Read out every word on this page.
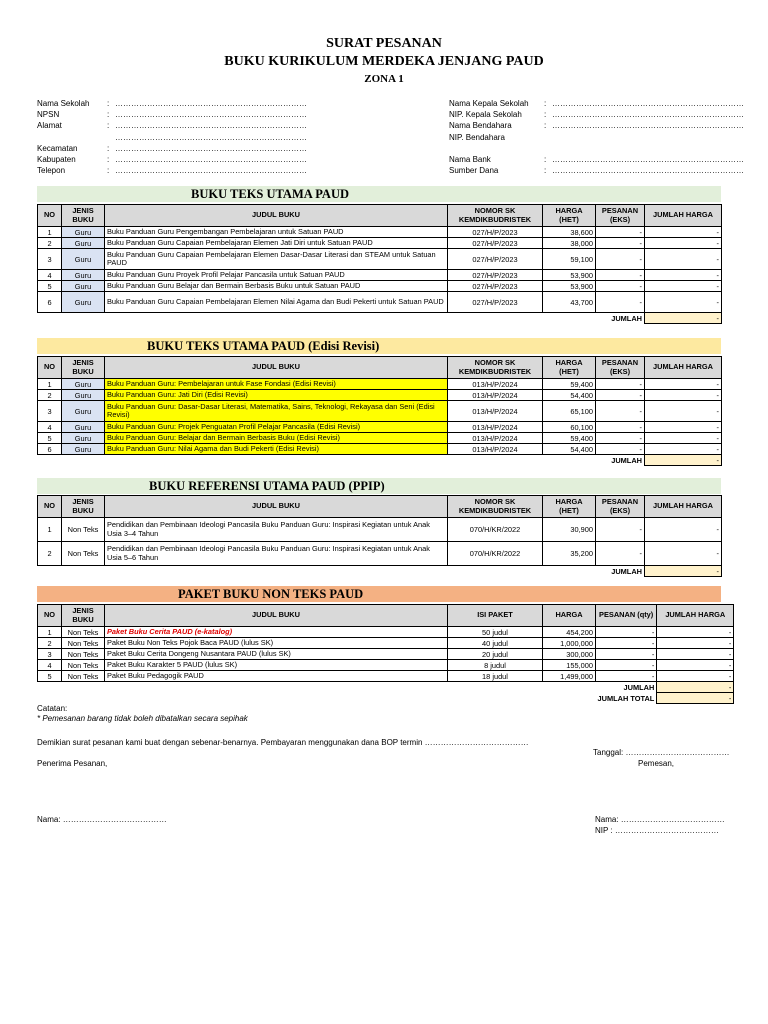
SURAT PESANAN
BUKU KURIKULUM MERDEKA JENJANG PAUD
ZONA 1
Nama Sekolah	: ………………………………………………………………
NPSN	: ………………………………………………………………
Alamat	: ………………………………………………………………
………………………………………………………………
Kecamatan	: ………………………………………………………………
Kabupaten	: ………………………………………………………………
Telepon	: ………………………………………………………………
Nama Kepala Sekolah	: ………………………………………………………………
NIP. Kepala Sekolah	: ………………………………………………………………
Nama Bendahara	: ………………………………………………………………
NIP. Bendahara
Nama Bank	: ………………………………………………………………
Sumber Dana	: ………………………………………………………………
BUKU TEKS UTAMA PAUD
NO	JENIS BUKU	JUDUL BUKU	NOMOR SK KEMDIKBUDRISTEK	HARGA (HET)	PESANAN (EKS)	JUMLAH HARGA
1	Guru	Buku Panduan Guru Pengembangan Pembelajaran untuk Satuan PAUD	027/H/P/2023	38,600	-	-
2	Guru	Buku Panduan Guru Capaian Pembelajaran Elemen Jati Diri untuk Satuan PAUD	027/H/P/2023	38,000	-	-
3	Guru	Buku Panduan Guru Capaian Pembelajaran Elemen Dasar-Dasar Literasi dan STEAM untuk Satuan PAUD	027/H/P/2023	59,100	-	-
4	Guru	Buku Panduan Guru Proyek Profil Pelajar Pancasila untuk Satuan PAUD	027/H/P/2023	53,900	-	-
5	Guru	Buku Panduan Guru Belajar dan Bermain Berbasis Buku untuk Satuan PAUD	027/H/P/2023	53,900	-	-
6	Guru	Buku Panduan Guru Capaian Pembelajaran Elemen Nilai Agama dan Budi Pekerti untuk Satuan PAUD	027/H/P/2023	43,700	-	-
					JUMLAH	-
BUKU TEKS UTAMA PAUD (Edisi Revisi)
NO	JENIS BUKU	JUDUL BUKU	NOMOR SK KEMDIKBUDRISTEK	HARGA (HET)	PESANAN (EKS)	JUMLAH HARGA
1	Guru	Buku Panduan Guru: Pembelajaran untuk Fase Fondasi (Edisi Revisi)	013/H/P/2024	59,400	-	-
2	Guru	Buku Panduan Guru: Jati Diri (Edisi Revisi)	013/H/P/2024	54,400	-	-
3	Guru	Buku Panduan Guru: Dasar-Dasar Literasi, Matematika, Sains, Teknologi, Rekayasa dan Seni (Edisi Revisi)	013/H/P/2024	65,100	-	-
4	Guru	Buku Panduan Guru: Projek Penguatan Profil Pelajar Pancasila (Edisi Revisi)	013/H/P/2024	60,100	-	-
5	Guru	Buku Panduan Guru: Belajar dan Bermain Berbasis Buku (Edisi Revisi)	013/H/P/2024	59,400	-	-
6	Guru	Buku Panduan Guru: Nilai Agama dan Budi Pekerti (Edisi Revisi)	013/H/P/2024	54,400	-	-
					JUMLAH	-
BUKU REFERENSI UTAMA PAUD (PPIP)
NO	JENIS BUKU	JUDUL BUKU	NOMOR SK KEMDIKBUDRISTEK	HARGA (HET)	PESANAN (EKS)	JUMLAH HARGA
1	Non Teks	Pendidikan dan Pembinaan Ideologi Pancasila Buku Panduan Guru: Inspirasi Kegiatan untuk Anak Usia 3–4 Tahun	070/H/KR/2022	30,900	-	-
2	Non Teks	Pendidikan dan Pembinaan Ideologi Pancasila Buku Panduan Guru: Inspirasi Kegiatan untuk Anak Usia 5–6 Tahun	070/H/KR/2022	35,200	-	-
					JUMLAH	-
PAKET BUKU NON TEKS PAUD
NO	JENIS BUKU	JUDUL BUKU	ISI PAKET	HARGA	PESANAN (qty)	JUMLAH HARGA
1	Non Teks	Paket Buku Cerita PAUD (e-katalog)	50 judul	454,200	-	-
2	Non Teks	Paket Buku Non Teks Pojok Baca PAUD (lulus SK)	40 judul	1,000,000	-	-
3	Non Teks	Paket Buku Cerita Dongeng Nusantara PAUD (lulus SK)	20 judul	300,000	-	-
4	Non Teks	Paket Buku Karakter 5 PAUD (lulus SK)	8 judul	155,000	-	-
5	Non Teks	Paket Buku Pedagogik PAUD	18 judul	1,499,000	-	-
					JUMLAH	-
					JUMLAH TOTAL	-
Catatan:
* Pemesanan barang tidak boleh dibatalkan secara sepihak
Demikian surat pesanan kami buat dengan sebenar-benarnya. Pembayaran menggunakan dana BOP termin …………………………………
Tanggal: …………………………………
Penerima Pesanan,	Pemesan,
Nama: …………………………………	Nama: …………………………………
NIP : …………………………………
